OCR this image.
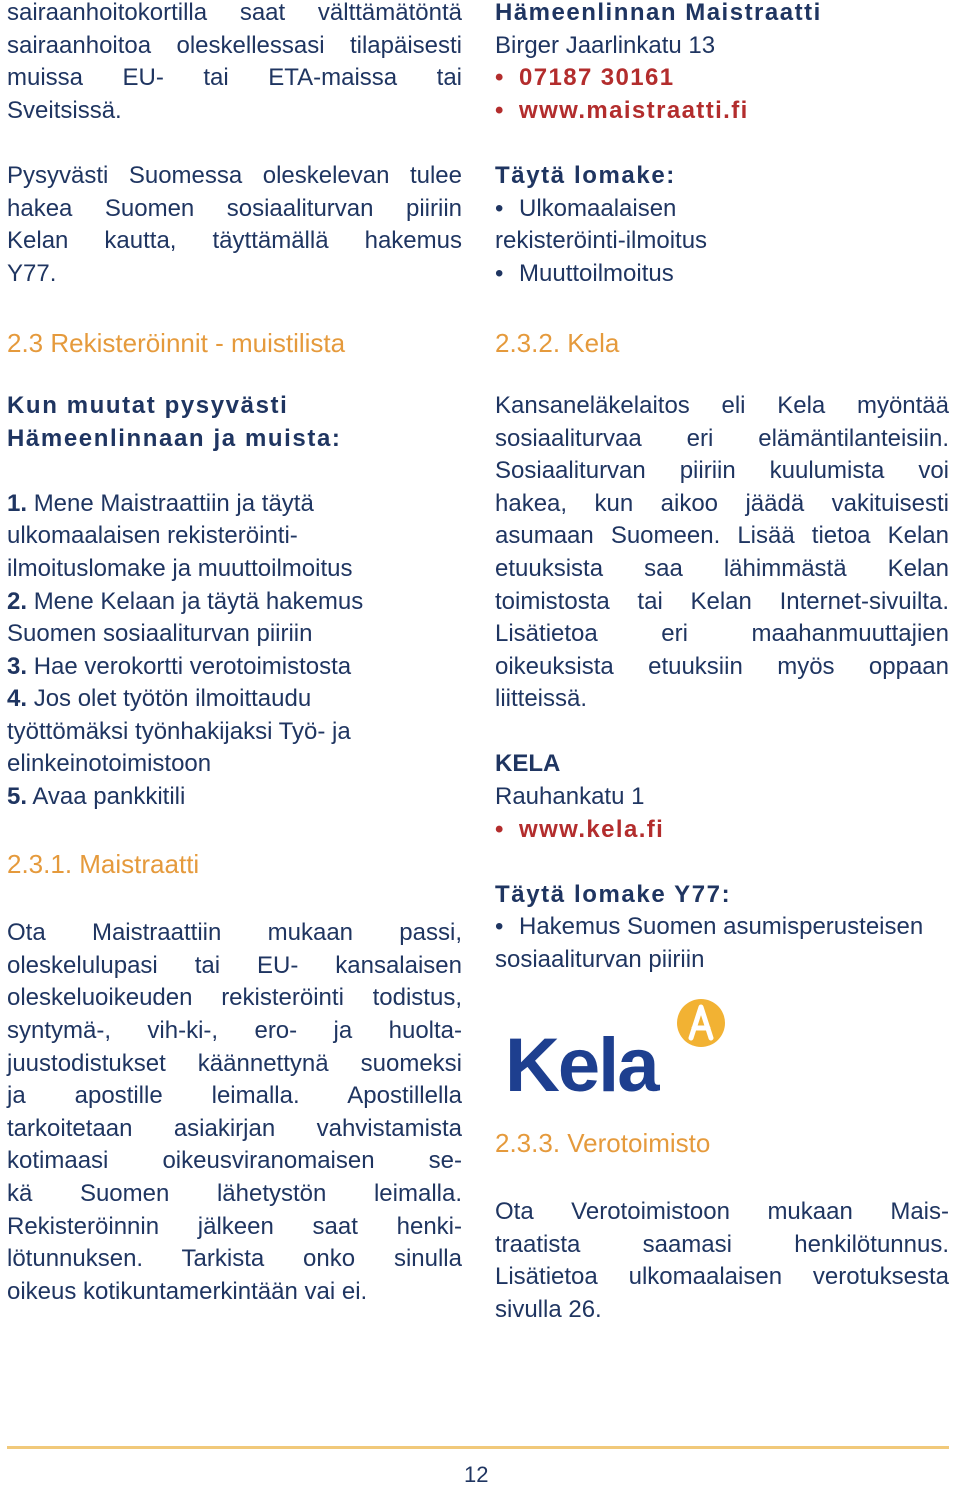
sairaanhoitokortilla saat välttämätöntä

sairaanhoitoa oleskellessasi tilapäisesti

muissa EU- tai ETA-maissa tai

Sveitsissä.

Pysyvästi Suomessa oleskelevan tulee

hakea Suomen sosiaaliturvan piiriin

Kelan kautta, täyttämällä hakemus

Y77.

2.3 Rekisteröinnit - muistilista

Kun muutat pysyvästi

Hämeenlinnaan ja muista:

1. Mene Maistraattiin ja täytä

ulkomaalaisen rekisteröinti-

ilmoituslomake ja muuttoilmoitus

2. Mene Kelaan ja täytä hakemus

Suomen sosiaaliturvan piiriin

3. Hae verokortti verotoimistosta

4. Jos olet työtön ilmoittaudu

työttömäksi työnhakijaksi Työ- ja

elinkeinotoimistoon

5. Avaa pankkitili

2.3.1. Maistraatti

Ota Maistraattiin mukaan passi,

oleskelulupasi tai EU- kansalaisen

oleskeluoikeuden rekisteröinti todistus,

syntymä-, vih-ki-, ero- ja huolta-

juustodistukset käännettynä suomeksi

ja apostille leimalla. Apostillella

tarkoitetaan asiakirjan vahvistamista

kotimaasi oikeusviranomaisen se-

kä Suomen lähetystön leimalla.

Rekisteröinnin jälkeen saat henki-

lötunnuksen. Tarkista onko sinulla

oikeus kotikuntamerkintään vai ei.

Hämeenlinnan Maistraatti

Birger Jaarlinkatu 13

• 07187 30161

• www.maistraatti.fi

Täytä lomake:

• Ulkomaalaisen

rekisteröinti-ilmoitus

• Muuttoilmoitus

2.3.2. Kela

Kansaneläkelaitos eli Kela myöntää

sosiaaliturvaa eri elämäntilanteisiin.

Sosiaaliturvan piiriin kuulumista voi

hakea, kun aikoo jäädä vakituisesti

asumaan Suomeen. Lisää tietoa Kelan

etuuksista saa lähimmästä Kelan

toimistosta tai Kelan Internet-sivuilta.

Lisätietoa eri maahanmuuttajien

oikeuksista etuuksiin myös oppaan

liitteissä.

KELA

Rauhankatu 1

• www.kela.fi

Täytä lomake Y77:

• Hakemus Suomen asumisperusteisen

sosiaaliturvan piiriin

Kela

2.3.3. Verotoimisto

Ota Verotoimistoon mukaan Mais-

traatista saamasi henkilötunnus.

Lisätietoa ulkomaalaisen verotuksesta

sivulla 26.

12
